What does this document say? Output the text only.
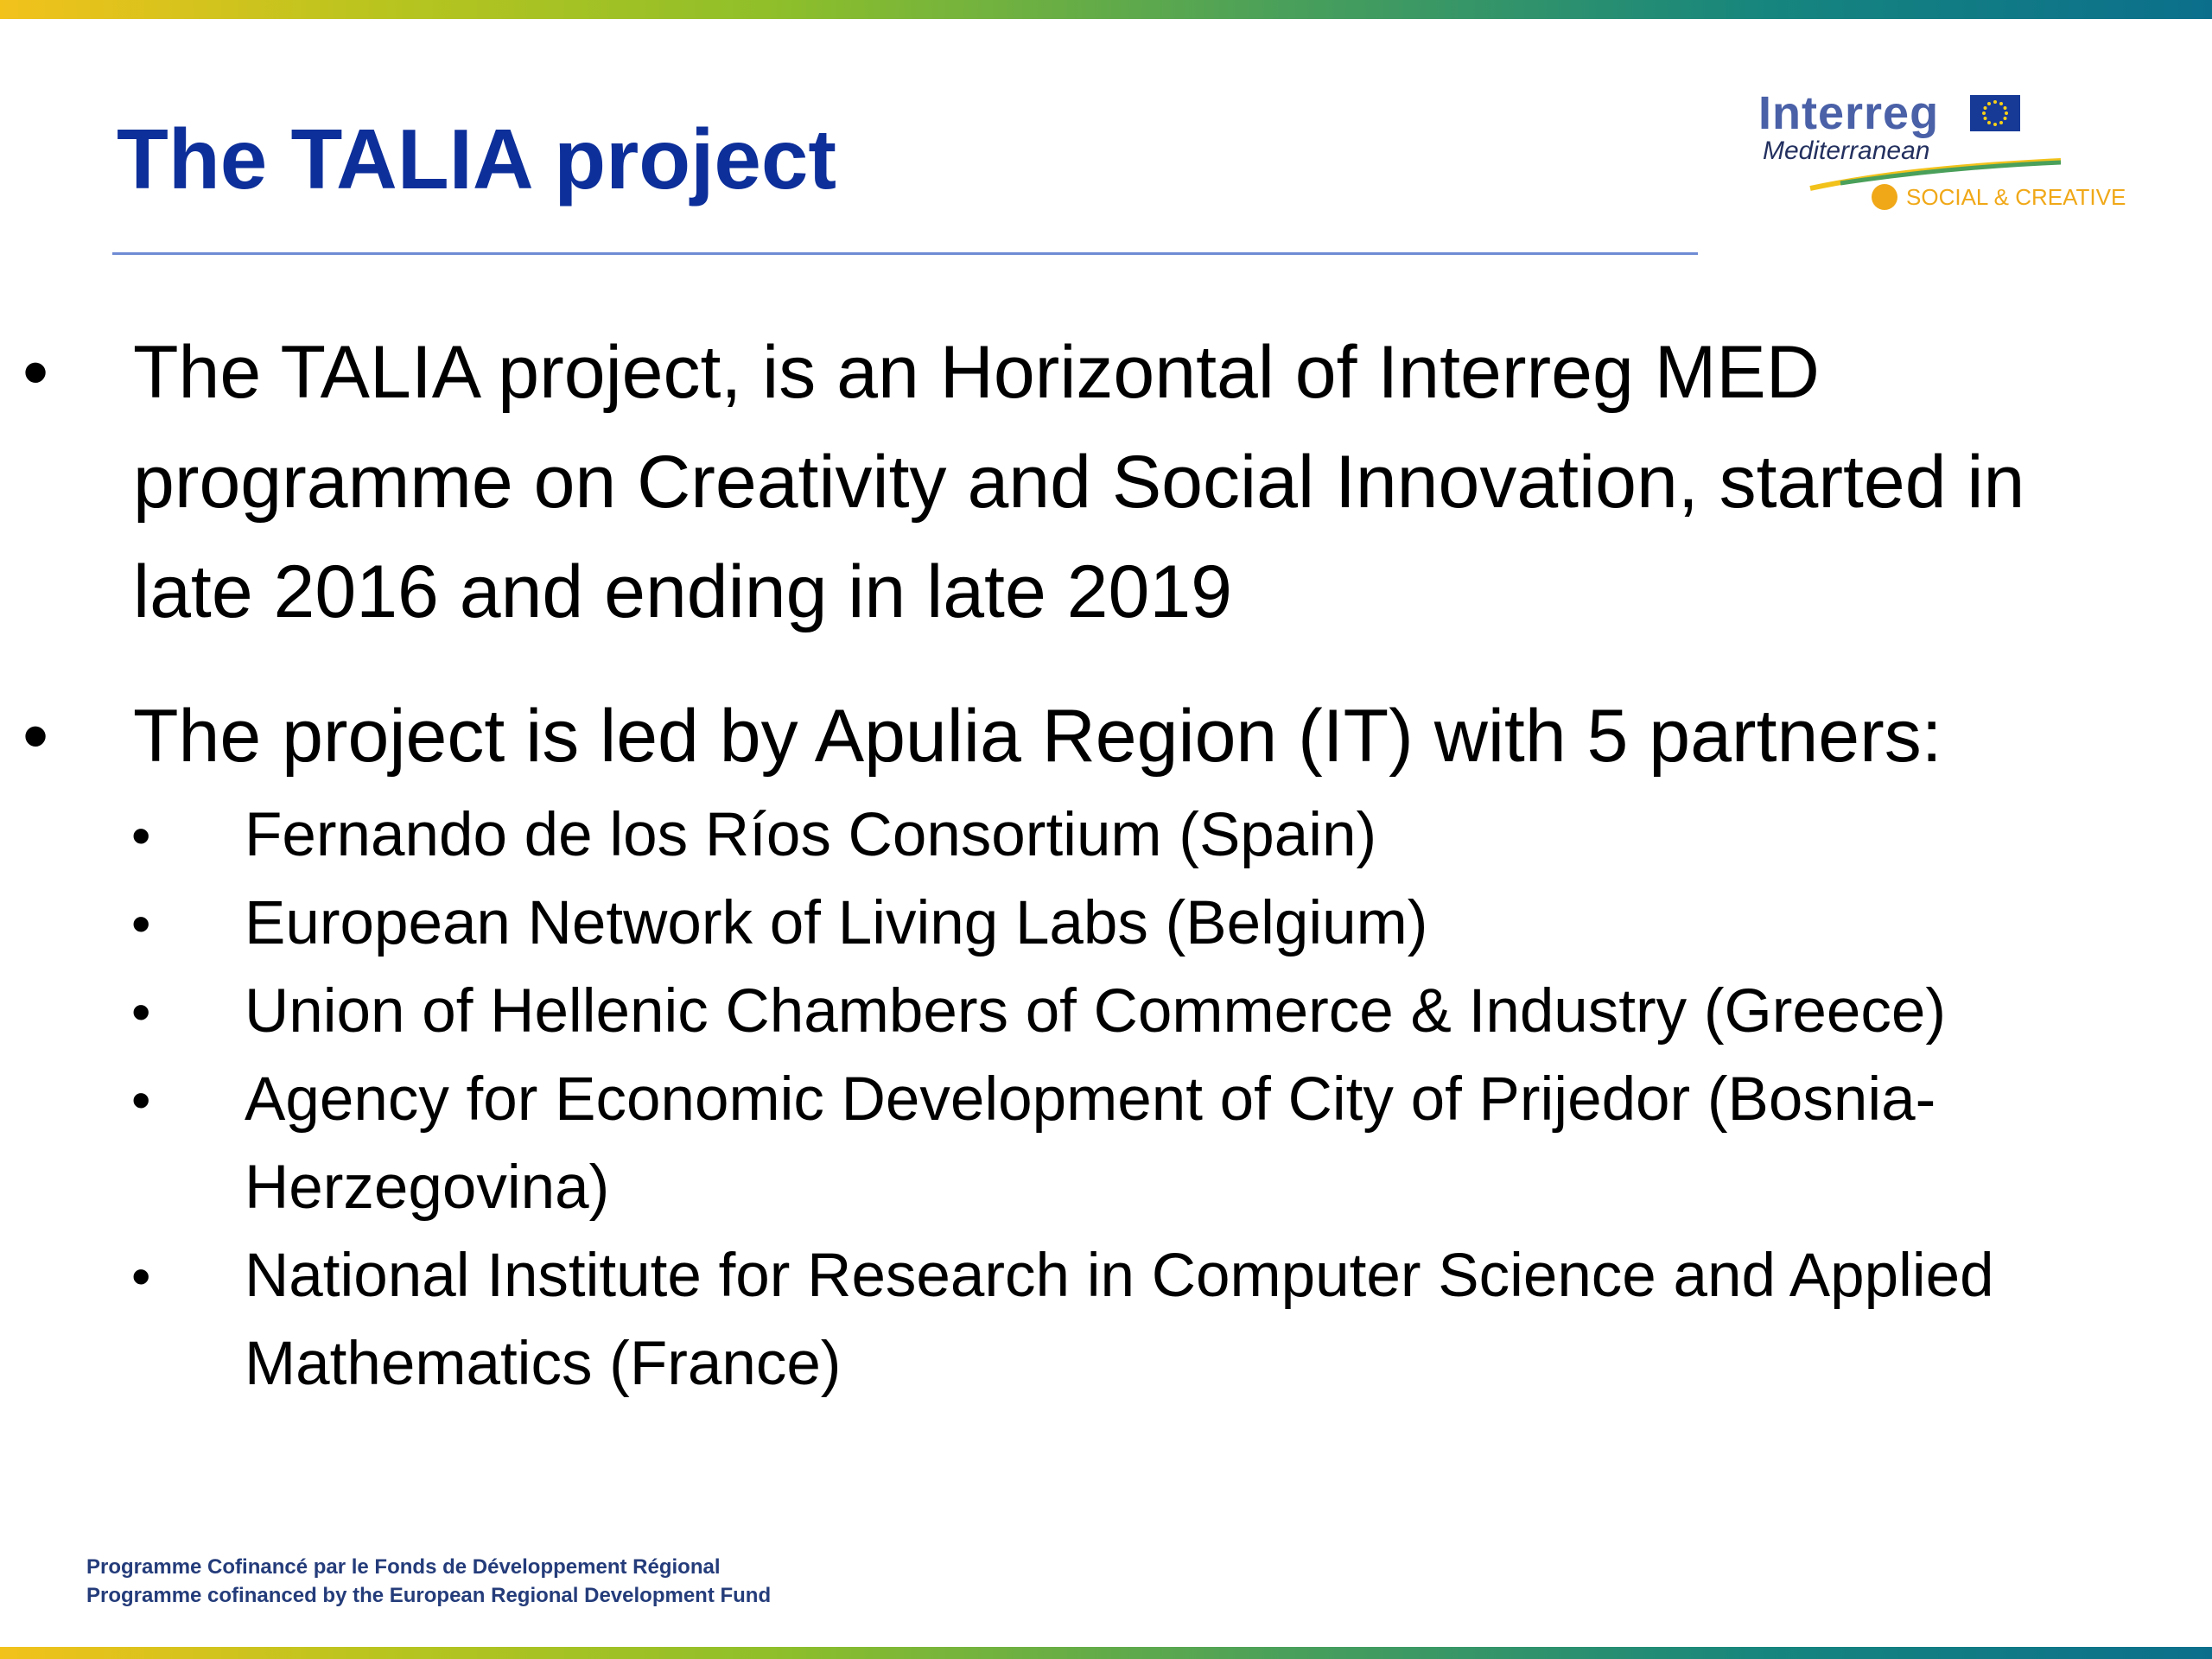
The TALIA project	Interreg
Mediterranean
SOCIAL & CREATIVE
• The TALIA project, is an Horizontal of Interreg MED programme on Creativity and Social Innovation, started in late 2016 and ending in late 2019
• The project is led by Apulia Region (IT) with 5 partners:
• Fernando de los Ríos Consortium (Spain)
• European Network of Living Labs (Belgium)
• Union of Hellenic Chambers of Commerce & Industry (Greece)
• Agency for Economic Development of City of Prijedor (Bosnia-Herzegovina)
• National Institute for Research in Computer Science and Applied Mathematics (France)
Programme Cofinancé par le Fonds de Développement Régional
Programme cofinanced by the European Regional Development Fund
